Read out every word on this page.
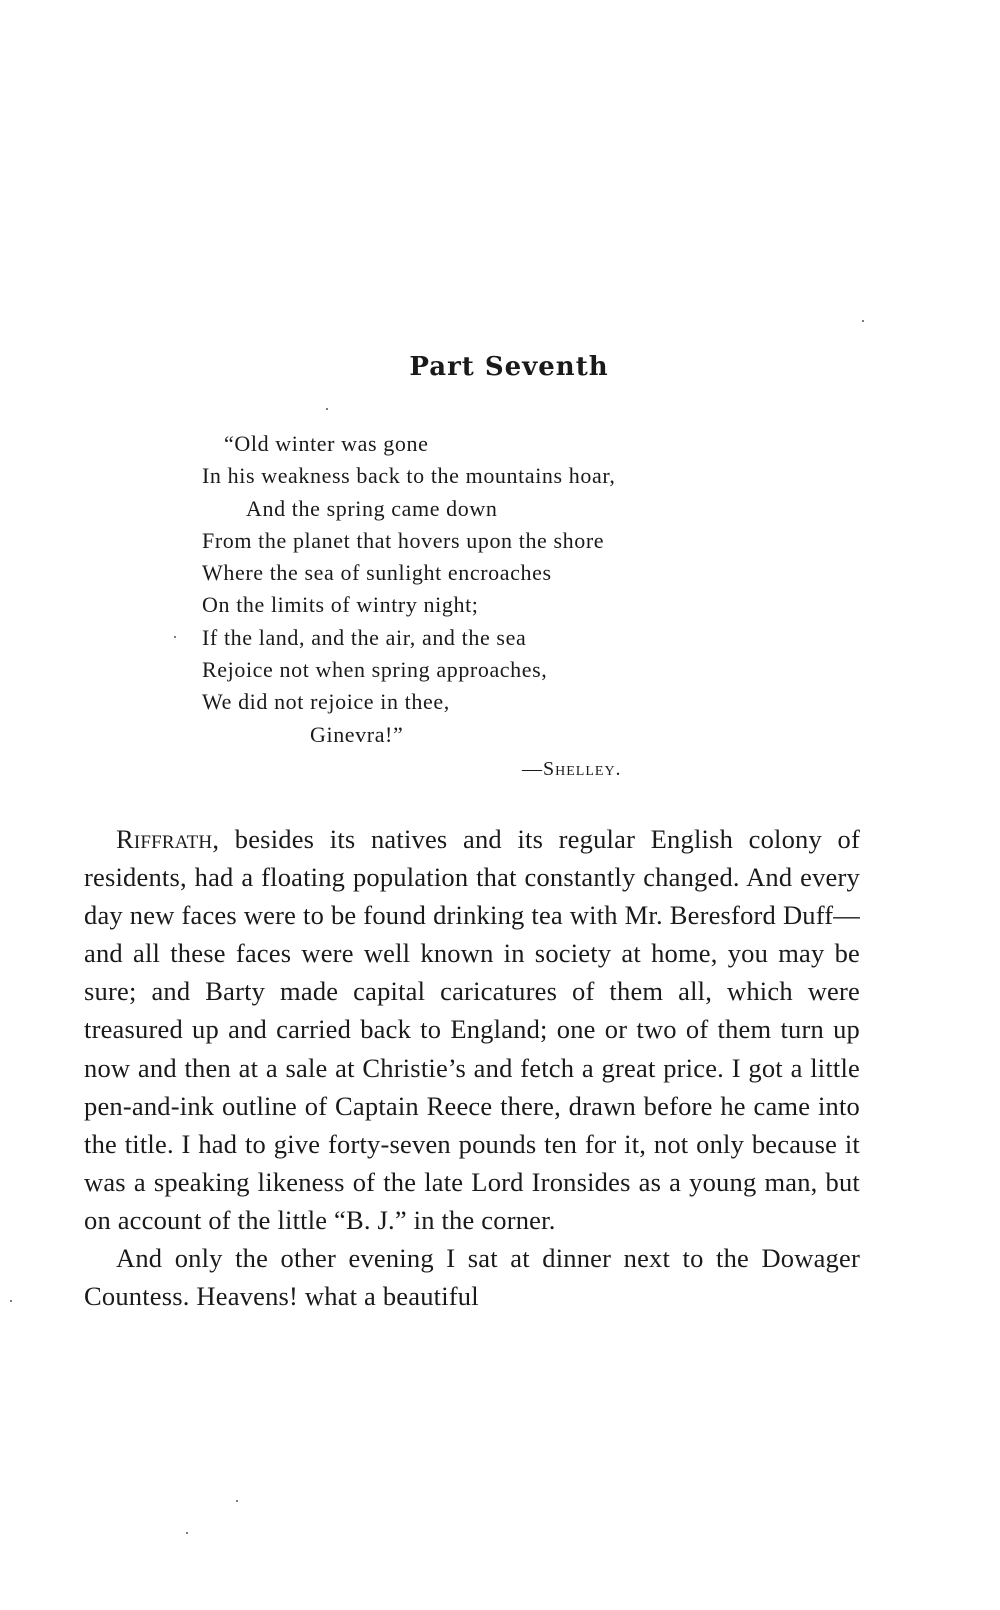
Part Seventh
“Old winter was gone
In his weakness back to the mountains hoar,
And the spring came down
From the planet that hovers upon the shore
Where the sea of sunlight encroaches
On the limits of wintry night;
If the land, and the air, and the sea
Rejoice not when spring approaches,
We did not rejoice in thee,
Ginevra!”
—Shelley.

Riffrath, besides its natives and its regular English colony of residents, had a floating population that constantly changed. And every day new faces were to be found drinking tea with Mr. Beresford Duff—and all these faces were well known in society at home, you may be sure; and Barty made capital caricatures of them all, which were treasured up and carried back to England; one or two of them turn up now and then at a sale at Christie’s and fetch a great price. I got a little pen-and-ink outline of Captain Reece there, drawn before he came into the title. I had to give forty-seven pounds ten for it, not only because it was a speaking likeness of the late Lord Ironsides as a young man, but on account of the little “B. J.” in the corner.

And only the other evening I sat at dinner next to the Dowager Countess. Heavens! what a beautiful
